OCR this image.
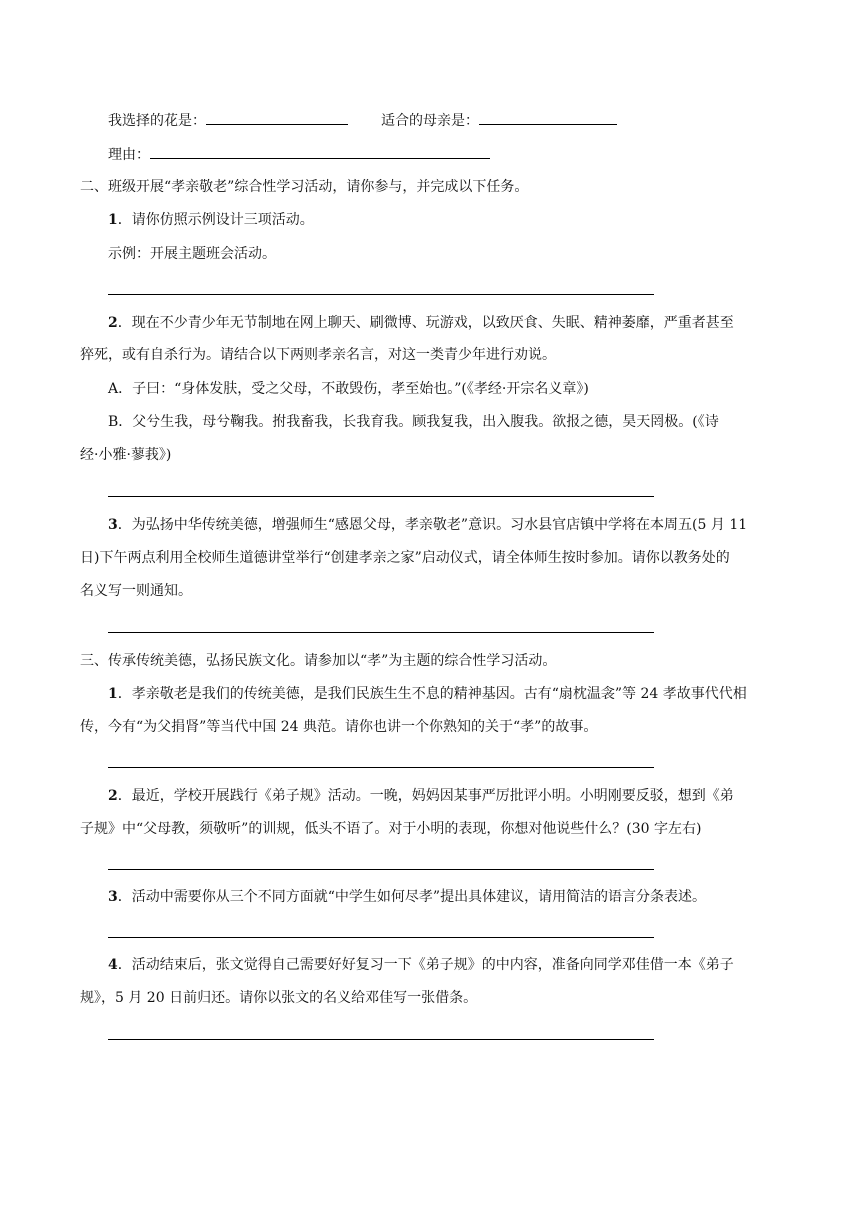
我选择的花是：	适合的母亲是：
理由：
二、班级开展“孝亲敬老”综合性学习活动，请你参与，并完成以下任务。
1．请你仿照示例设计三项活动。
示例：开展主题班会活动。
2．现在不少青少年无节制地在网上聊天、刷微博、玩游戏，以致厌食、失眠、精神萎靡，严重者甚至
猝死，或有自杀行为。请结合以下两则孝亲名言，对这一类青少年进行劝说。
A．子曰：“身体发肤，受之父母，不敢毁伤，孝至始也。”(《孝经·开宗名义章》)
B．父兮生我，母兮鞠我。拊我畜我，长我育我。顾我复我，出入腹我。欲报之德，昊天罔极。(《诗
经·小雅·蓼莪》)
3．为弘扬中华传统美德，增强师生“感恩父母，孝亲敬老”意识。习水县官店镇中学将在本周五(5 月 11
日)下午两点利用全校师生道德讲堂举行“创建孝亲之家”启动仪式，请全体师生按时参加。请你以教务处的
名义写一则通知。
三、传承传统美德，弘扬民族文化。请参加以“孝”为主题的综合性学习活动。
1．孝亲敬老是我们的传统美德，是我们民族生生不息的精神基因。古有“扇枕温衾”等 24 孝故事代代相
传，今有“为父捐肾”等当代中国 24 典范。请你也讲一个你熟知的关于“孝”的故事。
2．最近，学校开展践行《弟子规》活动。一晚，妈妈因某事严厉批评小明。小明刚要反驳，想到《弟
子规》中“父母教，须敬听”的训规，低头不语了。对于小明的表现，你想对他说些什么？(30 字左右)
3．活动中需要你从三个不同方面就“中学生如何尽孝”提出具体建议，请用简洁的语言分条表述。
4．活动结束后，张文觉得自己需要好好复习一下《弟子规》的中内容，准备向同学邓佳借一本《弟子
规》，5 月 20 日前归还。请你以张文的名义给邓佳写一张借条。
